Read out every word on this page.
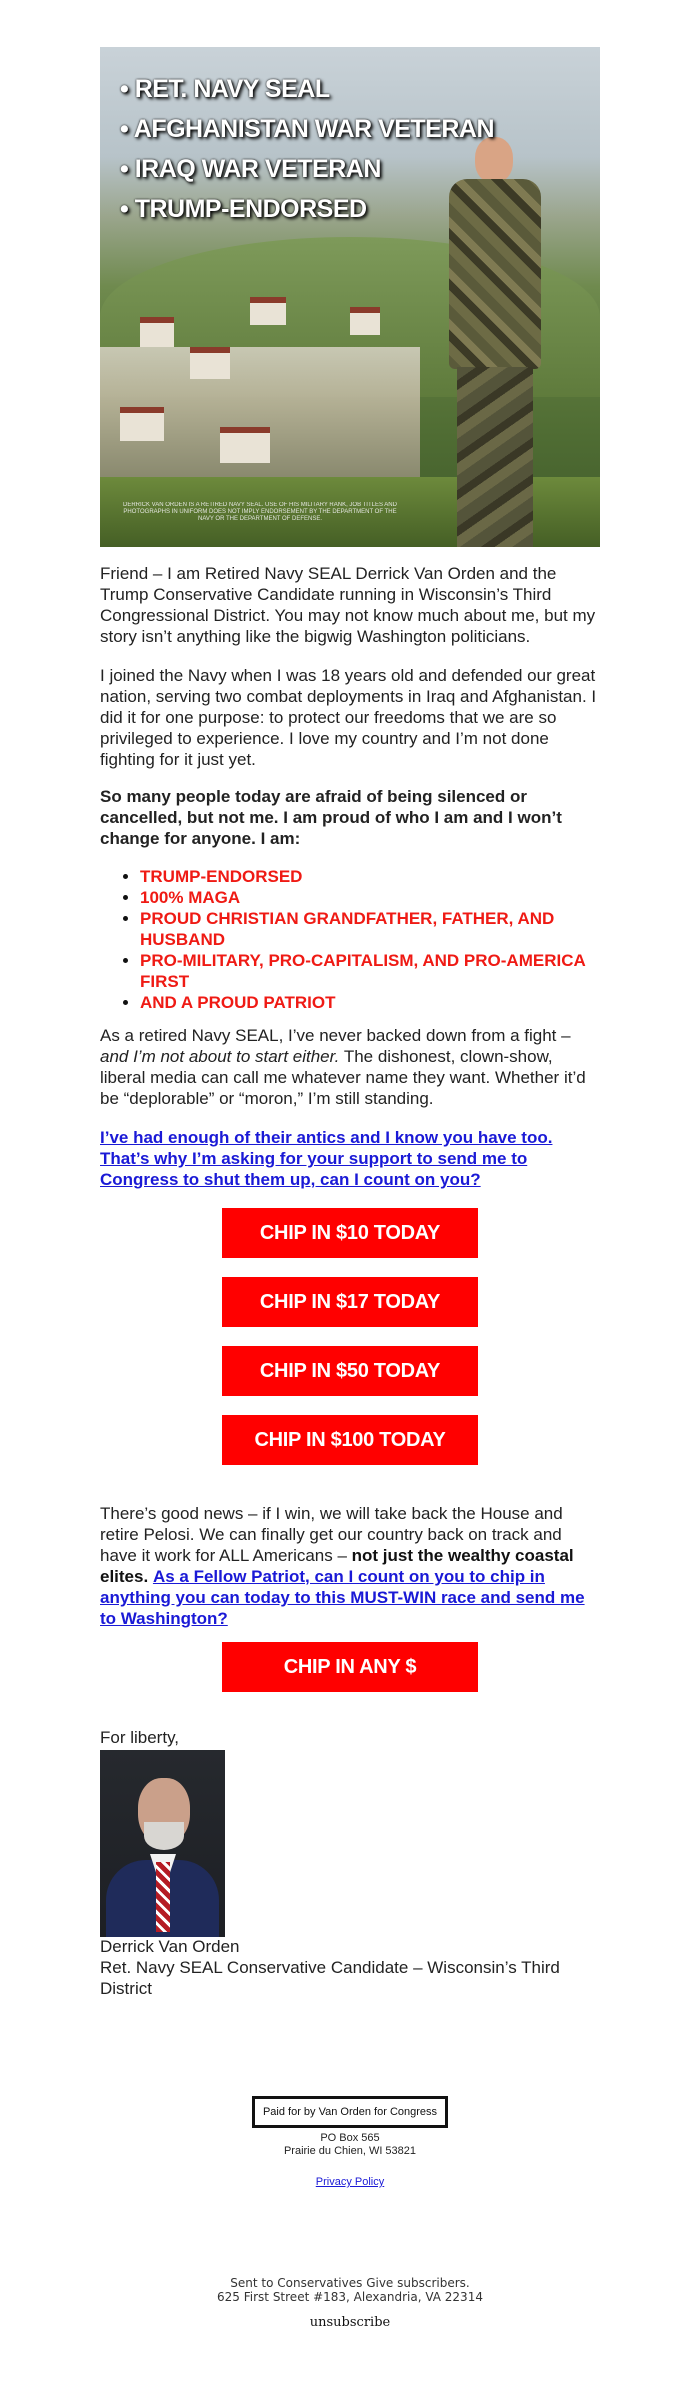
• RET. NAVY SEAL
• AFGHANISTAN WAR VETERAN
• IRAQ WAR VETERAN
• TRUMP-ENDORSED
DERRICK VAN ORDEN IS A RETIRED NAVY SEAL. USE OF HIS MILITARY RANK, JOB TITLES AND PHOTOGRAPHS IN UNIFORM DOES NOT IMPLY ENDORSEMENT BY THE DEPARTMENT OF THE NAVY OR THE DEPARTMENT OF DEFENSE.

Friend – I am Retired Navy SEAL Derrick Van Orden and the Trump Conservative Candidate running in Wisconsin’s Third Congressional District. You may not know much about me, but my story isn’t anything like the bigwig Washington politicians.

I joined the Navy when I was 18 years old and defended our great nation, serving two combat deployments in Iraq and Afghanistan. I did it for one purpose: to protect our freedoms that we are so privileged to experience. I love my country and I’m not done fighting for it just yet.

So many people today are afraid of being silenced or cancelled, but not me. I am proud of who I am and I won’t change for anyone. I am:

• TRUMP-ENDORSED
• 100% MAGA
• PROUD CHRISTIAN GRANDFATHER, FATHER, AND HUSBAND
• PRO-MILITARY, PRO-CAPITALISM, AND PRO-AMERICA FIRST
• AND A PROUD PATRIOT

As a retired Navy SEAL, I’ve never backed down from a fight – and I’m not about to start either. The dishonest, clown-show, liberal media can call me whatever name they want. Whether it’d be “deplorable” or “moron,” I’m still standing.

I’ve had enough of their antics and I know you have too. That’s why I’m asking for your support to send me to Congress to shut them up, can I count on you?

CHIP IN $10 TODAY
CHIP IN $17 TODAY
CHIP IN $50 TODAY
CHIP IN $100 TODAY

There’s good news – if I win, we will take back the House and retire Pelosi. We can finally get our country back on track and have it work for ALL Americans – not just the wealthy coastal elites. As a Fellow Patriot, can I count on you to chip in anything you can today to this MUST-WIN race and send me to Washington?

CHIP IN ANY $

For liberty,

Derrick Van Orden

Ret. Navy SEAL Conservative Candidate – Wisconsin’s Third District

Paid for by Van Orden for Congress
PO Box 565
Prairie du Chien, WI 53821
Privacy Policy
Sent to Conservatives Give subscribers.
625 First Street #183, Alexandria, VA 22314
unsubscribe
